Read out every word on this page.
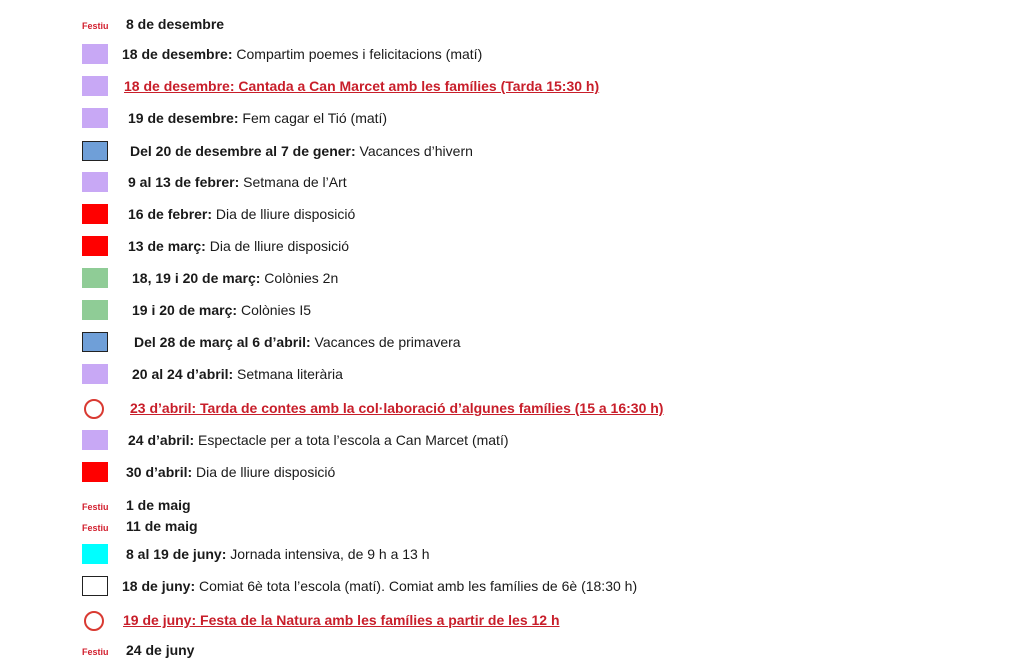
Festiu 8 de desembre
18 de desembre: Compartim poemes i felicitacions (matí)
18 de desembre: Cantada a Can Marcet amb les famílies (Tarda 15:30 h)
19 de desembre: Fem cagar el Tió (matí)
Del 20 de desembre al 7 de gener: Vacances d’hivern
9 al 13 de febrer: Setmana de l’Art
16 de febrer: Dia de lliure disposició
13 de març: Dia de lliure disposició
18, 19 i 20 de març: Colònies 2n
19 i 20 de març: Colònies I5
Del 28 de març al 6 d’abril: Vacances de primavera
20 al 24 d’abril: Setmana literària
23 d’abril: Tarda de contes amb la col·laboració d’algunes famílies (15 a 16:30 h)
24 d’abril: Espectacle per a tota l’escola a Can Marcet (matí)
30 d’abril: Dia de lliure disposició
Festiu 1 de maig
Festiu 11 de maig
8 al 19 de juny: Jornada intensiva, de 9 h a 13 h
18 de juny: Comiat 6è tota l’escola (matí). Comiat amb les famílies de 6è (18:30 h)
19 de juny: Festa de la Natura amb les famílies a partir de les 12 h
Festiu 24 de juny
